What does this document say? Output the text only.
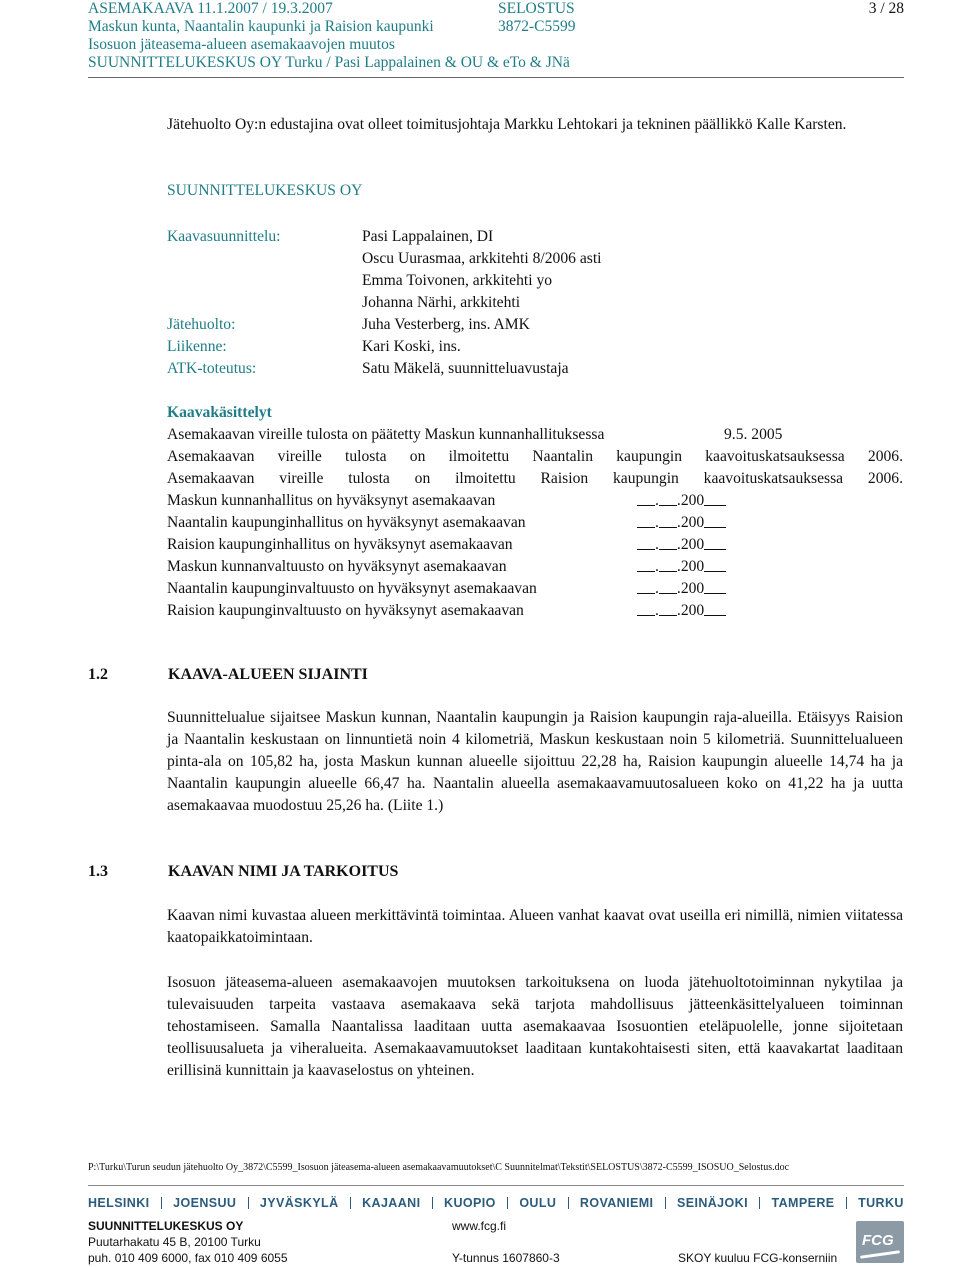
ASEMAKAAVA 11.1.2007 / 19.3.2007	SELOSTUS	3 / 28
Maskun kunta, Naantalin kaupunki ja Raision kaupunki	3872-C5599
Isosuon jäteasema-alueen asemakaavojen muutos
SUUNNITTELUKESKUS OY Turku / Pasi Lappalainen & OU & eTo & JNä
Jätehuolto Oy:n edustajina ovat olleet toimitusjohtaja Markku Lehtokari ja tekninen päällikkö Kalle Karsten.
SUUNNITTELUKESKUS OY
Kaavasuunnittelu:	Pasi Lappalainen, DI
Oscu Uurasmaa, arkkitehti 8/2006 asti
Emma Toivonen, arkkitehti yo
Johanna Närhi, arkkitehti
Jätehuolto:	Juha Vesterberg, ins. AMK
Liikenne:	Kari Koski, ins.
ATK-toteutus:	Satu Mäkelä, suunnitteluavustaja
Kaavakäsittelyt
Asemakaavan vireille tulosta on päätetty Maskun kunnanhallituksessa	9.5. 2005
Asemakaavan vireille tulosta on ilmoitettu Naantalin kaupungin kaavoituskatsauksessa 2006.
Asemakaavan vireille tulosta on ilmoitettu Raision kaupungin kaavoituskatsauksessa 2006.
Maskun kunnanhallitus on hyväksynyt asemakaavan	. . 200
Naantalin kaupunginhallitus on hyväksynyt asemakaavan	. . 200
Raision kaupunginhallitus on hyväksynyt asemakaavan	. . 200
Maskun kunnanvaltuusto on hyväksynyt asemakaavan	. . 200
Naantalin kaupunginvaltuusto on hyväksynyt asemakaavan	. . 200
Raision kaupunginvaltuusto on hyväksynyt asemakaavan	. . 200
1.2	KAAVA-ALUEEN SIJAINTI
Suunnittelualue sijaitsee Maskun kunnan, Naantalin kaupungin ja Raision kaupungin raja-alueilla. Etäisyys Raision ja Naantalin keskustaan on linnuntietä noin 4 kilometriä, Maskun keskustaan noin 5 kilometriä. Suunnittelualueen pinta-ala on 105,82 ha, josta Maskun kunnan alueelle sijoittuu 22,28 ha, Raision kaupungin alueelle 14,74 ha ja Naantalin kaupungin alueelle 66,47 ha. Naantalin alueella asemakaavamuutosalueen koko on 41,22 ha ja uutta asemakaavaa muodostuu 25,26 ha. (Liite 1.)
1.3	KAAVAN NIMI JA TARKOITUS
Kaavan nimi kuvastaa alueen merkittävintä toimintaa. Alueen vanhat kaavat ovat useilla eri nimillä, nimien viitatessa kaatopaikkatoimintaan.
Isosuon jäteasema-alueen asemakaavojen muutoksen tarkoituksena on luoda jätehuoltotoiminnan nykytilaa ja tulevaisuuden tarpeita vastaava asemakaava sekä tarjota mahdollisuus jätteenkäsittelyalueen toiminnan tehostamiseen. Samalla Naantalissa laaditaan uutta asemakaavaa Isosuontien eteläpuolelle, jonne sijoitetaan teollisuusalueta ja viheralueita. Asemakaavamuutokset laaditaan kuntakohtaisesti siten, että kaavakartat laaditaan erillisinä kunnittain ja kaavaselostus on yhteinen.
P:\Turku\Turun seudun jätehuolto Oy_3872\C5599_Isosuon jäteasema-alueen asemakaavamuutokset\C Suunnitelmat\Tekstit\SELOSTUS\3872-C5599_ISOSUO_Selostus.doc
HELSINKI JOENSUU JYVÄSKYLÄ KAJAANI KUOPIO OULU ROVANIEMI SEINÄJOKI TAMPERE TURKU
SUUNNITTELUKESKUS OY
Puutarhakatu 45 B, 20100 Turku
puh. 010 409 6000, fax 010 409 6055
www.fcg.fi

Y-tunnus 1607860-3	SKOY kuuluu FCG-konserniin
FCG
